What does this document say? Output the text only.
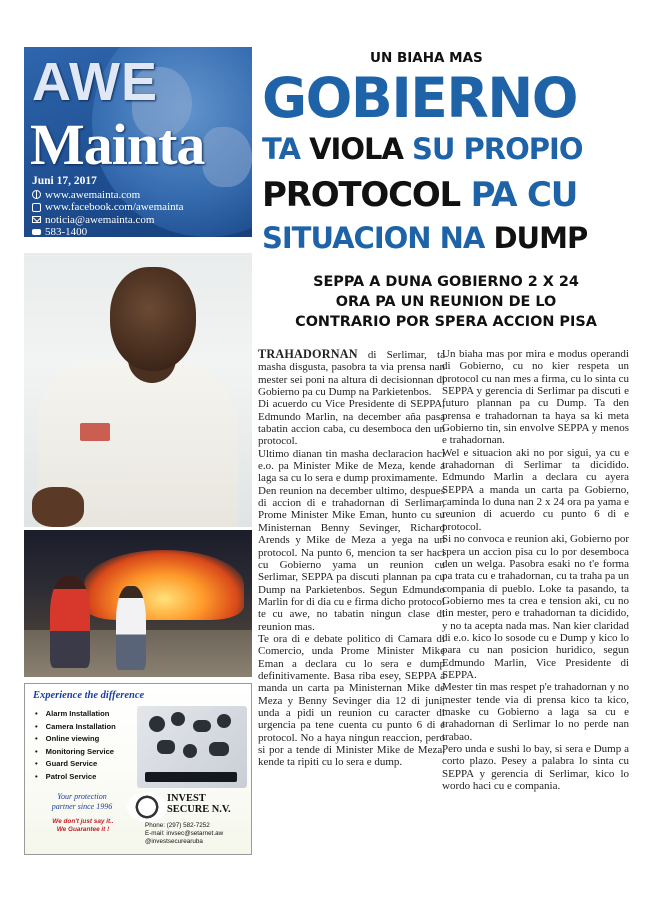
AWE
Mainta
Juni 17, 2017
www.awemainta.com
www.facebook.com/awemainta
noticia@awemainta.com
583-1400
UN BIAHA MAS
GOBIERNO
TA VIOLA SU PROPIO
PROTOCOL PA CU
SITUACION NA DUMP
SEPPA A DUNA GOBIERNO 2 X 24
ORA PA UN REUNION DE LO
CONTRARIO POR SPERA ACCION PISA
Experience the difference
• Alarm Installation
• Camera Installation
• Online viewing
• Monitoring Service
• Guard Service
• Patrol Service
Your protection
partner since 1996
We don't just say it..
We Guarantee it !
INVEST
SECURE N.V.
Phone: (297) 582-7252
E-mail: invsec@setarnet.aw
@investsecurearuba

TRAHADORNAN di Serlimar, ta masha disgusta, pasobra ta via prensa nan mester sei poni na altura di decisionnan di Gobierno pa cu Dump na Parkietenbos.

Di acuerdo cu Vice Presidente di SEPPA, Edmundo Marlin, na december aña pasa tabatin accion caba, cu desemboca den un protocol.

Ultimo dianan tin masha declaracion haci e.o. pa Minister Mike de Meza, kende a laga sa cu lo sera e dump proximamente.

Den reunion na december ultimo, despues di accion di e trahadornan di Serlimar, Prome Minister Mike Eman, hunto cu su Ministernan Benny Sevinger, Richard Arends y Mike de Meza a yega na un protocol. Na punto 6, mencion ta ser haci cu Gobierno yama un reunion cu Serlimar, SEPPA pa discuti plannan pa cu Dump na Parkietenbos. Segun Edmundo Marlin for di dia cu e firma dicho protocol te cu awe, no tabatin ningun clase di reunion mas.

Te ora di e debate politico di Camara di Comercio, unda Prome Minister Mike Eman a declara cu lo sera e dump definitivamente. Basa riba esey, SEPPA a manda un carta pa Ministernan Mike de Meza y Benny Sevinger dia 12 di juni, unda a pidi un reunion cu caracter di urgencia pa tene cuenta cu punto 6 di e protocol. No a haya ningun reaccion, pero si por a tende di Minister Mike de Meza, kende ta ripiti cu lo sera e dump.

Un biaha mas por mira e modus operandi di Gobierno, cu no kier respeta un protocol cu nan mes a firma, cu lo sinta cu SEPPA y gerencia di Serlimar pa discuti e futuro plannan pa cu Dump. Ta den prensa e trahadornan ta haya sa ki meta Gobierno tin, sin envolve SEPPA y menos e trahadornan.

Wel e situacion aki no por sigui, ya cu e trahadornan di Serlimar ta dicidido. Edmundo Marlin a declara cu ayera SEPPA a manda un carta pa Gobierno, caminda lo duna nan 2 x 24 ora pa yama e reunion di acuerdo cu punto 6 di e protocol.

Si no convoca e reunion aki, Gobierno por spera un accion pisa cu lo por desemboca den un welga. Pasobra esaki no t'e forma pa trata cu e trahadornan, cu ta traha pa un compania di pueblo. Loke ta pasando, ta Gobierno mes ta crea e tension aki, cu no tin mester, pero e trahadornan ta dicidido, y no ta acepta nada mas. Nan kier claridad di e.o. kico lo sosode cu e Dump y kico lo para cu nan posicion huridico, segun Edmundo Marlin, Vice Presidente di SEPPA.

Mester tin mas respet p'e trahadornan y no mester tende via di prensa kico ta kico, maske cu Gobierno a laga sa cu e trahadornan di Serlimar lo no perde nan trabao.

Pero unda e sushi lo bay, si sera e Dump a corto plazo. Pesey a palabra lo sinta cu SEPPA y gerencia di Serlimar, kico lo wordo haci cu e compania.
